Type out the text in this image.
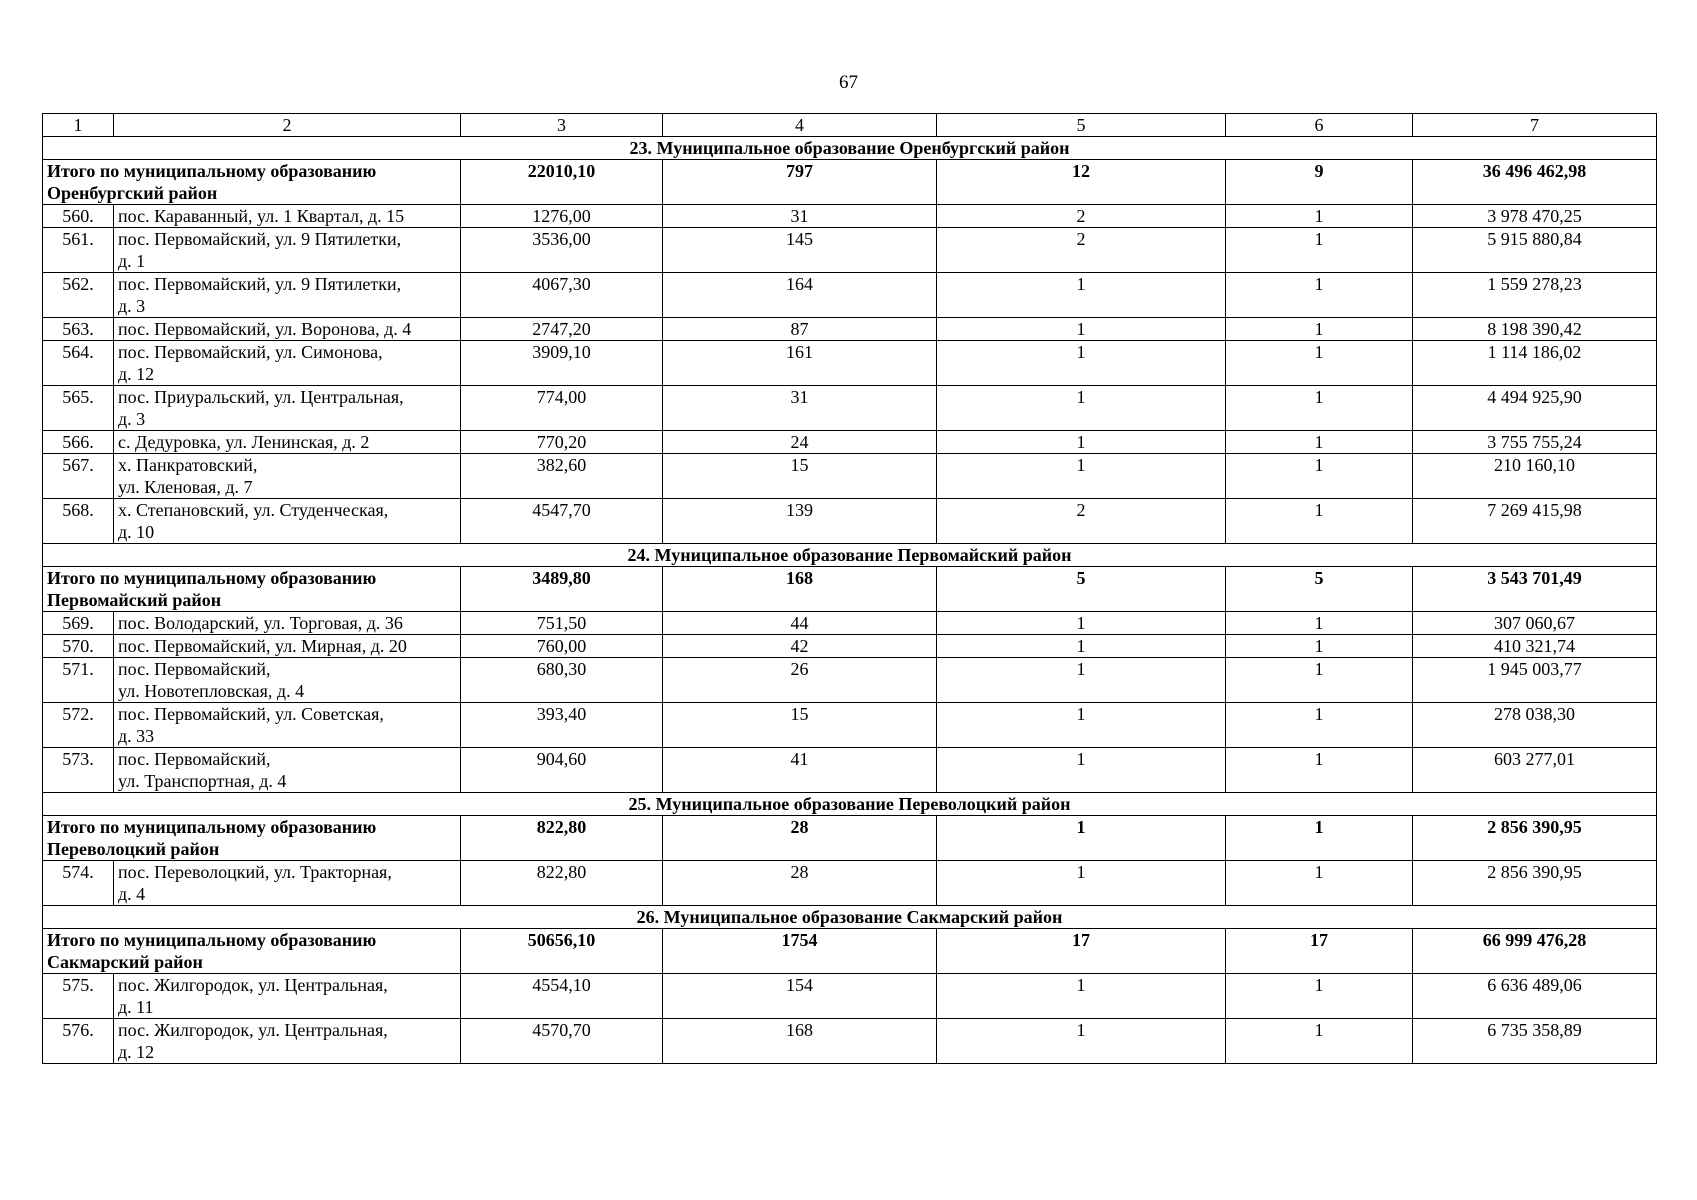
67
1	2	3	4	5	6	7
23. Муниципальное образование Оренбургский район						

Итого по муниципальному образованию
Оренбургский район		22010,10	797	12	9	36 496 462,98
560.	пос. Караванный, ул. 1 Квартал, д. 15	1276,00	31	2	1	3 978 470,25
561.	пос. Первомайский, ул. 9 Пятилетки,
д. 1	3536,00	145	2	1	5 915 880,84
562.	пос. Первомайский, ул. 9 Пятилетки,
д. 3	4067,30	164	1	1	1 559 278,23
563.	пос. Первомайский, ул. Воронова, д. 4	2747,20	87	1	1	8 198 390,42
564.	пос. Первомайский, ул. Симонова,
д. 12	3909,10	161	1	1	1 114 186,02
565.	пос. Приуральский, ул. Центральная,
д. 3	774,00	31	1	1	4 494 925,90
566.	с. Дедуровка, ул. Ленинская, д. 2	770,20	24	1	1	3 755 755,24
567.	х. Панкратовский,
ул. Кленовая, д. 7	382,60	15	1	1	210 160,10
568.	х. Степановский, ул. Студенческая,
д. 10	4547,70	139	2	1	7 269 415,98
24. Муниципальное образование Первомайский район						

Итого по муниципальному образованию
Первомайский район		3489,80	168	5	5	3 543 701,49
569.	пос. Володарский, ул. Торговая, д. 36	751,50	44	1	1	307 060,67
570.	пос. Первомайский, ул. Мирная, д. 20	760,00	42	1	1	410 321,74
571.	пос. Первомайский,
ул. Новотепловская, д. 4	680,30	26	1	1	1 945 003,77
572.	пос. Первомайский, ул. Советская,
д. 33	393,40	15	1	1	278 038,30
573.	пос. Первомайский,
ул. Транспортная, д. 4	904,60	41	1	1	603 277,01
25. Муниципальное образование Переволоцкий район						

Итого по муниципальному образованию
Переволоцкий район		822,80	28	1	1	2 856 390,95
574.	пос. Переволоцкий, ул. Тракторная,
д. 4	822,80	28	1	1	2 856 390,95
26. Муниципальное образование Сакмарский район						

Итого по муниципальному образованию
Сакмарский район		50656,10	1754	17	17	66 999 476,28
575.	пос. Жилгородок, ул. Центральная,
д. 11	4554,10	154	1	1	6 636 489,06
576.	пос. Жилгородок, ул. Центральная,
д. 12	4570,70	168	1	1	6 735 358,89
